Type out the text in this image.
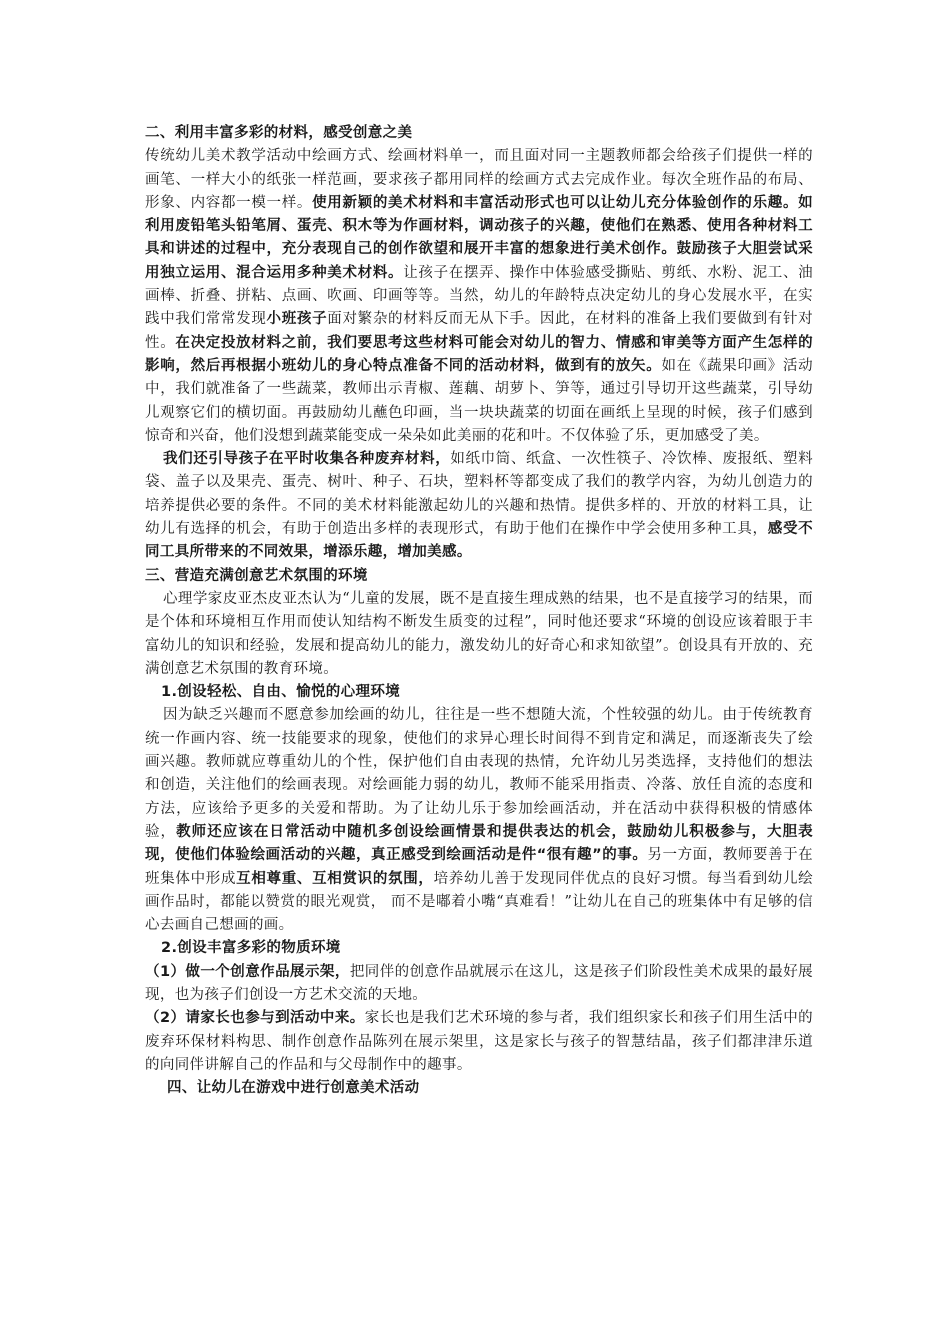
二、利用丰富多彩的材料，感受创意之美

传统幼儿美术教学活动中绘画方式、绘画材料单一，而且面对同一主题教师都会给孩子们提供一样的画笔、一样大小的纸张一样范画，要求孩子都用同样的绘画方式去完成作业。每次全班作品的布局、形象、内容都一模一样。使用新颖的美术材料和丰富活动形式也可以让幼儿充分体验创作的乐趣。如利用废铅笔头铅笔屑、蛋壳、积木等为作画材料，调动孩子的兴趣，使他们在熟悉、使用各种材料工具和讲述的过程中，充分表现自己的创作欲望和展开丰富的想象进行美术创作。鼓励孩子大胆尝试采用独立运用、混合运用多种美术材料。让孩子在摆弄、操作中体验感受撕贴、剪纸、水粉、泥工、油画棒、折叠、拼粘、点画、吹画、印画等等。当然，幼儿的年龄特点决定幼儿的身心发展水平，在实践中我们常常发现小班孩子面对繁杂的材料反而无从下手。因此，在材料的准备上我们要做到有针对性。在决定投放材料之前，我们要思考这些材料可能会对幼儿的智力、情感和审美等方面产生怎样的影响，然后再根据小班幼儿的身心特点准备不同的活动材料，做到有的放矢。如在《蔬果印画》活动中，我们就准备了一些蔬菜，教师出示青椒、莲藕、胡萝卜、笋等，通过引导切开这些蔬菜，引导幼儿观察它们的横切面。再鼓励幼儿蘸色印画，当一块块蔬菜的切面在画纸上呈现的时候，孩子们感到惊奇和兴奋，他们没想到蔬菜能变成一朵朵如此美丽的花和叶。不仅体验了乐，更加感受了美。

我们还引导孩子在平时收集各种废弃材料，如纸巾筒、纸盒、一次性筷子、冷饮棒、废报纸、塑料袋、盖子以及果壳、蛋壳、树叶、种子、石块，塑料杯等都变成了我们的教学内容，为幼儿创造力的培养提供必要的条件。不同的美术材料能激起幼儿的兴趣和热情。提供多样的、开放的材料工具，让幼儿有选择的机会，有助于创造出多样的表现形式，有助于他们在操作中学会使用多种工具，感受不同工具所带来的不同效果，增添乐趣，增加美感。

三、营造充满创意艺术氛围的环境

心理学家皮亚杰皮亚杰认为“儿童的发展，既不是直接生理成熟的结果，也不是直接学习的结果，而是个体和环境相互作用而使认知结构不断发生质变的过程”，同时他还要求“环境的创设应该着眼于丰富幼儿的知识和经验，发展和提高幼儿的能力，激发幼儿的好奇心和求知欲望”。创设具有开放的、充满创意艺术氛围的教育环境。

1.创设轻松、自由、愉悦的心理环境

因为缺乏兴趣而不愿意参加绘画的幼儿，往往是一些不想随大流，个性较强的幼儿。由于传统教育统一作画内容、统一技能要求的现象，使他们的求异心理长时间得不到肯定和满足，而逐渐丧失了绘画兴趣。教师就应尊重幼儿的个性，保护他们自由表现的热情，允许幼儿另类选择，支持他们的想法和创造，关注他们的绘画表现。对绘画能力弱的幼儿，教师不能采用指责、冷落、放任自流的态度和方法，应该给予更多的关爱和帮助。为了让幼儿乐于参加绘画活动，并在活动中获得积极的情感体验，教师还应该在日常活动中随机多创设绘画情景和提供表达的机会，鼓励幼儿积极参与，大胆表现，使他们体验绘画活动的兴趣，真正感受到绘画活动是件“很有趣”的事。另一方面，教师要善于在班集体中形成互相尊重、互相赏识的氛围，培养幼儿善于发现同伴优点的良好习惯。每当看到幼儿绘画作品时，都能以赞赏的眼光观赏， 而不是嘟着小嘴“真难看！”让幼儿在自己的班集体中有足够的信心去画自己想画的画。

2.创设丰富多彩的物质环境

（1）做一个创意作品展示架，把同伴的创意作品就展示在这儿，这是孩子们阶段性美术成果的最好展现，也为孩子们创设一方艺术交流的天地。

（2）请家长也参与到活动中来。家长也是我们艺术环境的参与者，我们组织家长和孩子们用生活中的废弃环保材料构思、制作创意作品陈列在展示架里，这是家长与孩子的智慧结晶，孩子们都津津乐道的向同伴讲解自己的作品和与父母制作中的趣事。

四、让幼儿在游戏中进行创意美术活动
